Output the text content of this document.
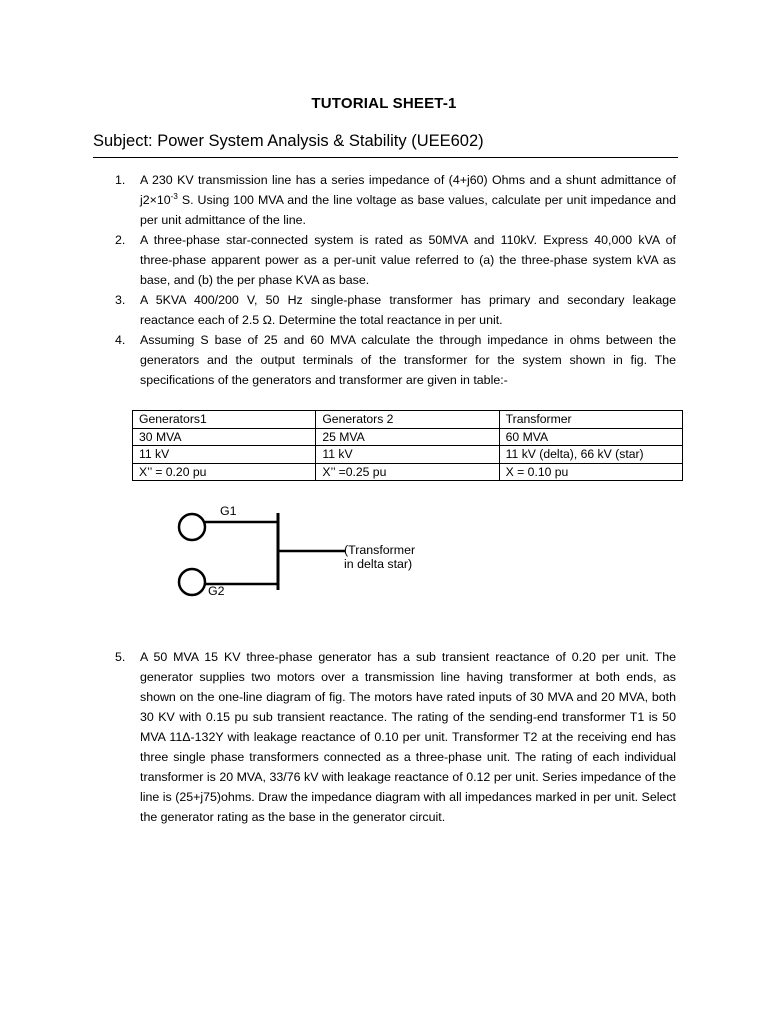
TUTORIAL SHEET-1
Subject: Power System Analysis & Stability (UEE602)
1. A 230 KV transmission line has a series impedance of (4+j60) Ohms and a shunt admittance of $j2\times 10^{-3}$ S. Using 100 MVA and the line voltage as base values, calculate per unit impedance and per unit admittance of the line.
2. A three-phase star-connected system is rated as 50MVA and 110kV. Express 40,000 kVA of three-phase apparent power as a per-unit value referred to (a) the three-phase system kVA as base, and (b) the per phase KVA as base.
3. A 5KVA 400/200 V, 50 Hz single-phase transformer has primary and secondary leakage reactance each of 2.5 Ω. Determine the total reactance in per unit.
4. Assuming S base of 25 and 60 MVA calculate the through impedance in ohms between the generators and the output terminals of the transformer for the system shown in fig. The specifications of the generators and transformer are given in table:-
Generators1	Generators 2	Transformer
30 MVA	25 MVA	60 MVA
11 kV	11 kV	11 kV (delta), 66 kV (star)
X’’ = 0.20 pu	X’’ =0.25 pu	X = 0.10 pu
G1
G2
(Transformer in delta star)
5. A 50 MVA 15 KV three-phase generator has a sub transient reactance of 0.20 per unit. The generator supplies two motors over a transmission line having transformer at both ends, as shown on the one-line diagram of fig. The motors have rated inputs of 30 MVA and 20 MVA, both 30 KV with 0.15 pu sub transient reactance. The rating of the sending-end transformer T1 is 50 MVA 11Δ-132Y with leakage reactance of 0.10 per unit. Transformer T2 at the receiving end has three single phase transformers connected as a three-phase unit. The rating of each individual transformer is 20 MVA, 33/76 kV with leakage reactance of 0.12 per unit. Series impedance of the line is (25+j75)ohms. Draw the impedance diagram with all impedances marked in per unit. Select the generator rating as the base in the generator circuit.
